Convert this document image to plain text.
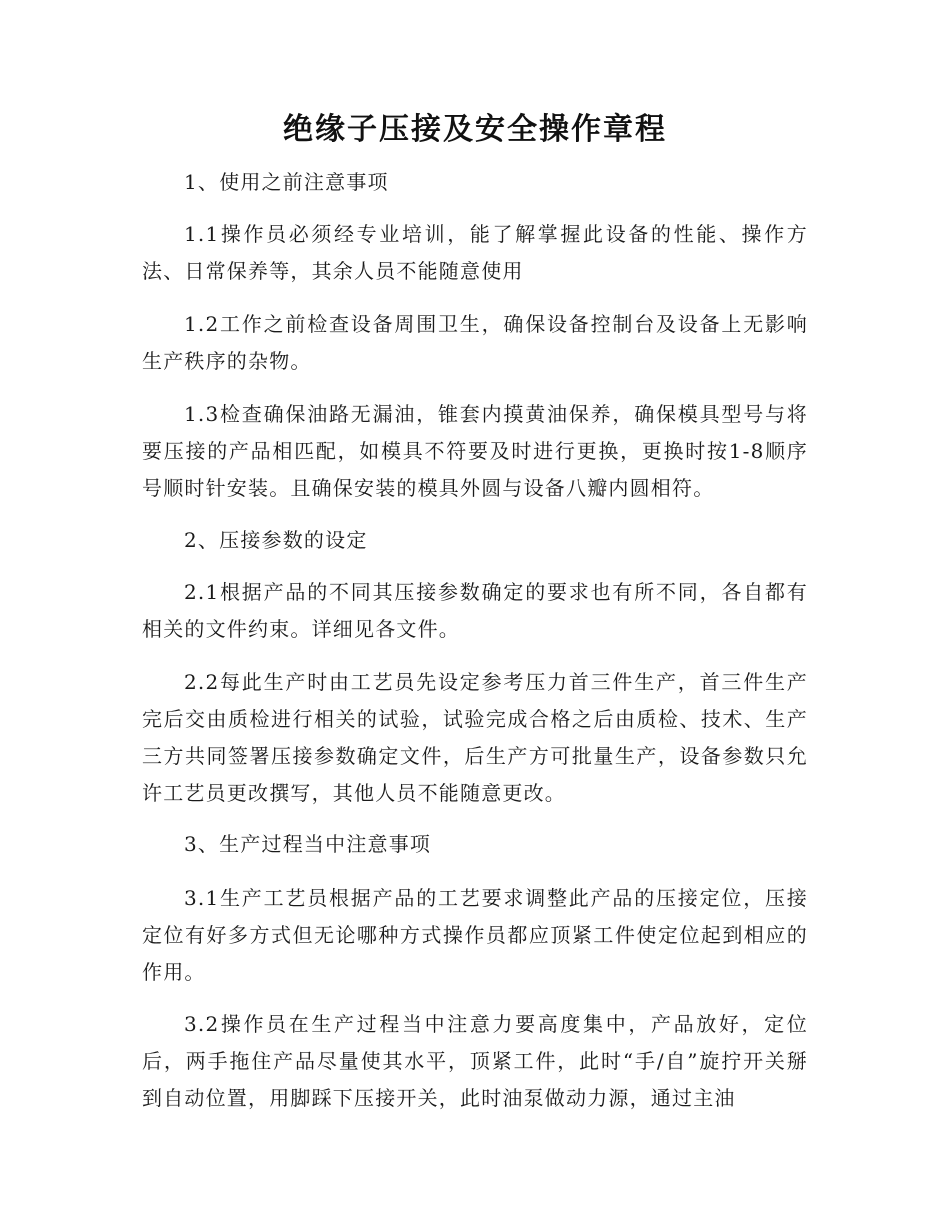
绝缘子压接及安全操作章程

1、使用之前注意事项

1.1操作员必须经专业培训，能了解掌握此设备的性能、操作方法、日常保养等，其余人员不能随意使用

1.2工作之前检查设备周围卫生，确保设备控制台及设备上无影响生产秩序的杂物。

1.3检查确保油路无漏油，锥套内摸黄油保养，确保模具型号与将要压接的产品相匹配，如模具不符要及时进行更换，更换时按1-8顺序号顺时针安装。且确保安装的模具外圆与设备八瓣内圆相符。

2、压接参数的设定

2.1根据产品的不同其压接参数确定的要求也有所不同，各自都有相关的文件约束。详细见各文件。

2.2每此生产时由工艺员先设定参考压力首三件生产，首三件生产完后交由质检进行相关的试验，试验完成合格之后由质检、技术、生产三方共同签署压接参数确定文件，后生产方可批量生产，设备参数只允许工艺员更改撰写，其他人员不能随意更改。

3、生产过程当中注意事项

3.1生产工艺员根据产品的工艺要求调整此产品的压接定位，压接定位有好多方式但无论哪种方式操作员都应顶紧工件使定位起到相应的作用。

3.2操作员在生产过程当中注意力要高度集中，产品放好，定位后，两手拖住产品尽量使其水平，顶紧工件，此时“手/自”旋拧开关掰到自动位置，用脚踩下压接开关，此时油泵做动力源，通过主油
